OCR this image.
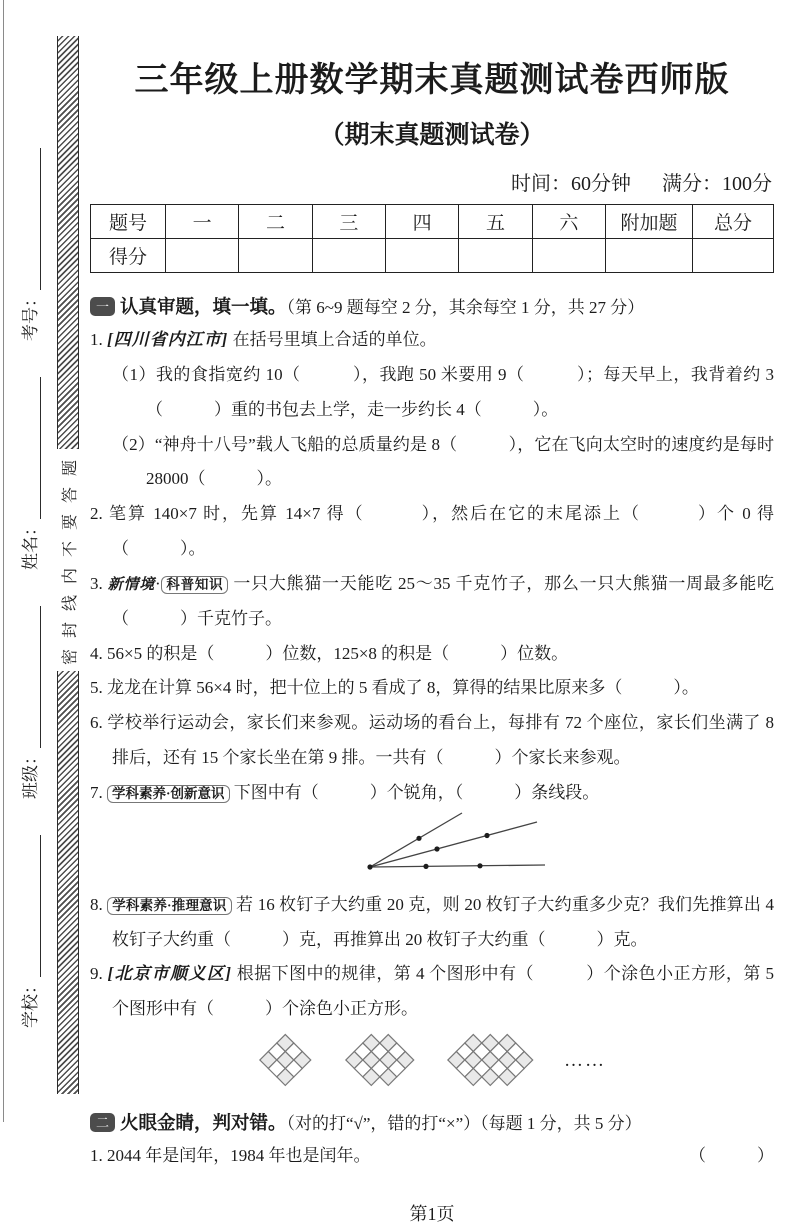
学校：
班级：
姓名：
考号：
密封线内不要答题
三年级上册数学期末真题测试卷西师版
（期末真题测试卷）
时间：60分钟 满分：100分
题号	一	二	三	四	五	六	附加题	总分
得分								
一 认真审题，填一填。（第 6~9 题每空 2 分，其余每空 1 分，共 27 分）
1. [四川省内江市] 在括号里填上合适的单位。
（1）我的食指宽约 10（　　　），我跑 50 米要用 9（　　　）；每天早上，我背着约 3（　　　）重的书包去上学，走一步约长 4（　　　）。
（2）“神舟十八号”载人飞船的总质量约是 8（　　　），它在飞向太空时的速度约是每时 28000（　　　）。
2. 笔算 140×7 时，先算 14×7 得（　　　），然后在它的末尾添上（　　　）个 0 得（　　　）。
3. 新情境· 科普知识 一只大熊猫一天能吃 25～35 千克竹子，那么一只大熊猫一周最多能吃（　　　）千克竹子。
4. 56×5 的积是（　　　）位数，125×8 的积是（　　　）位数。
5. 龙龙在计算 56×4 时，把十位上的 5 看成了 8，算得的结果比原来多（　　　）。
6. 学校举行运动会，家长们来参观。运动场的看台上，每排有 72 个座位，家长们坐满了 8 排后，还有 15 个家长坐在第 9 排。一共有（　　　）个家长来参观。
7. 学科素养·创新意识 下图中有（　　　）个锐角，（　　　）条线段。
8. 学科素养·推理意识 若 16 枚钉子大约重 20 克，则 20 枚钉子大约重多少克？我们先推算出 4 枚钉子大约重（　　　）克，再推算出 20 枚钉子大约重（　　　）克。
9. [北京市顺义区] 根据下图中的规律，第 4 个图形中有（　　　）个涂色小正方形，第 5 个图形中有（　　　）个涂色小正方形。
……
二 火眼金睛，判对错。（对的打“√”，错的打“×”）（每题 1 分，共 5 分）
1. 2044 年是闰年，1984 年也是闰年。	（　　　）
第1页
